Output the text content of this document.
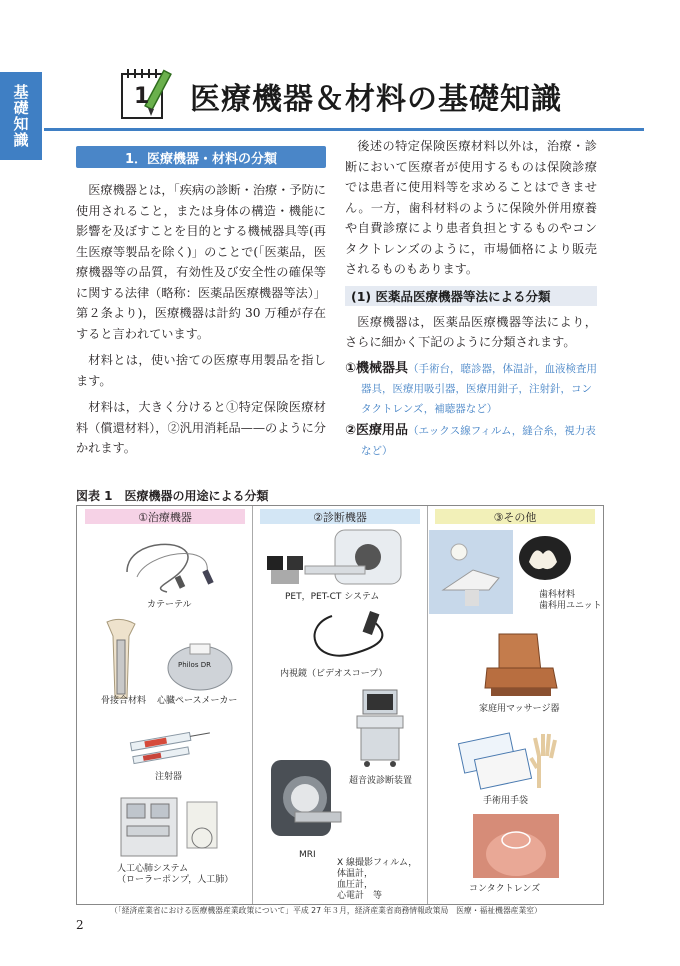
基礎知識	1 医療機器＆材料の基礎知識
1．医療機器・材料の分類

医療機器とは，「疾病の診断・治療・予防に使用されること，または身体の構造・機能に影響を及ぼすことを目的とする機械器具等(再生医療等製品を除く)」のことで(「医薬品，医療機器等の品質，有効性及び安全性の確保等に関する法律（略称：医薬品医療機器等法）」第２条より)，医療機器は計約 30 万種が存在すると言われています。

材料とは，使い捨ての医療専用製品を指します。

材料は，大きく分けると①特定保険医療材料（償還材料），②汎用消耗品——のように分かれます。

後述の特定保険医療材料以外は，治療・診断において医療者が使用するものは保険診療では患者に使用料等を求めることはできません。一方，歯科材料のように保険外併用療養や自費診療により患者負担とするものやコンタクトレンズのように，市場価格により販売されるものもあります。

(1) 医薬品医療機器等法による分類

医療機器は，医薬品医療機器等法により，さらに細かく下記のように分類されます。

①機械器具（手術台，聴診器，体温計，血液検査用器具，医療用吸引器，医療用鉗子，注射針，コンタクトレンズ，補聴器など）
②医療用品（エックス線フィルム，縫合糸，視力表など）
図表 1　医療機器の用途による分類
①治療機器	②診断機器	③その他
カテーテル
Philos DR
骨接合材料 心臓ペースメーカー
注射器
人工心肺システム
（ローラーポンプ，人工肺）
PET，PET-CT システム
内視鏡（ビデオスコープ）
超音波診断装置
MRI
X 線撮影フィルム，
体温計，
血圧計，
心電計　等
歯科材料
歯科用ユニット
家庭用マッサージ器
手術用手袋
コンタクトレンズ
（「経済産業省における医療機器産業政策について」平成 27 年３月，経済産業省商務情報政策局　医療・福祉機器産業室）
2
